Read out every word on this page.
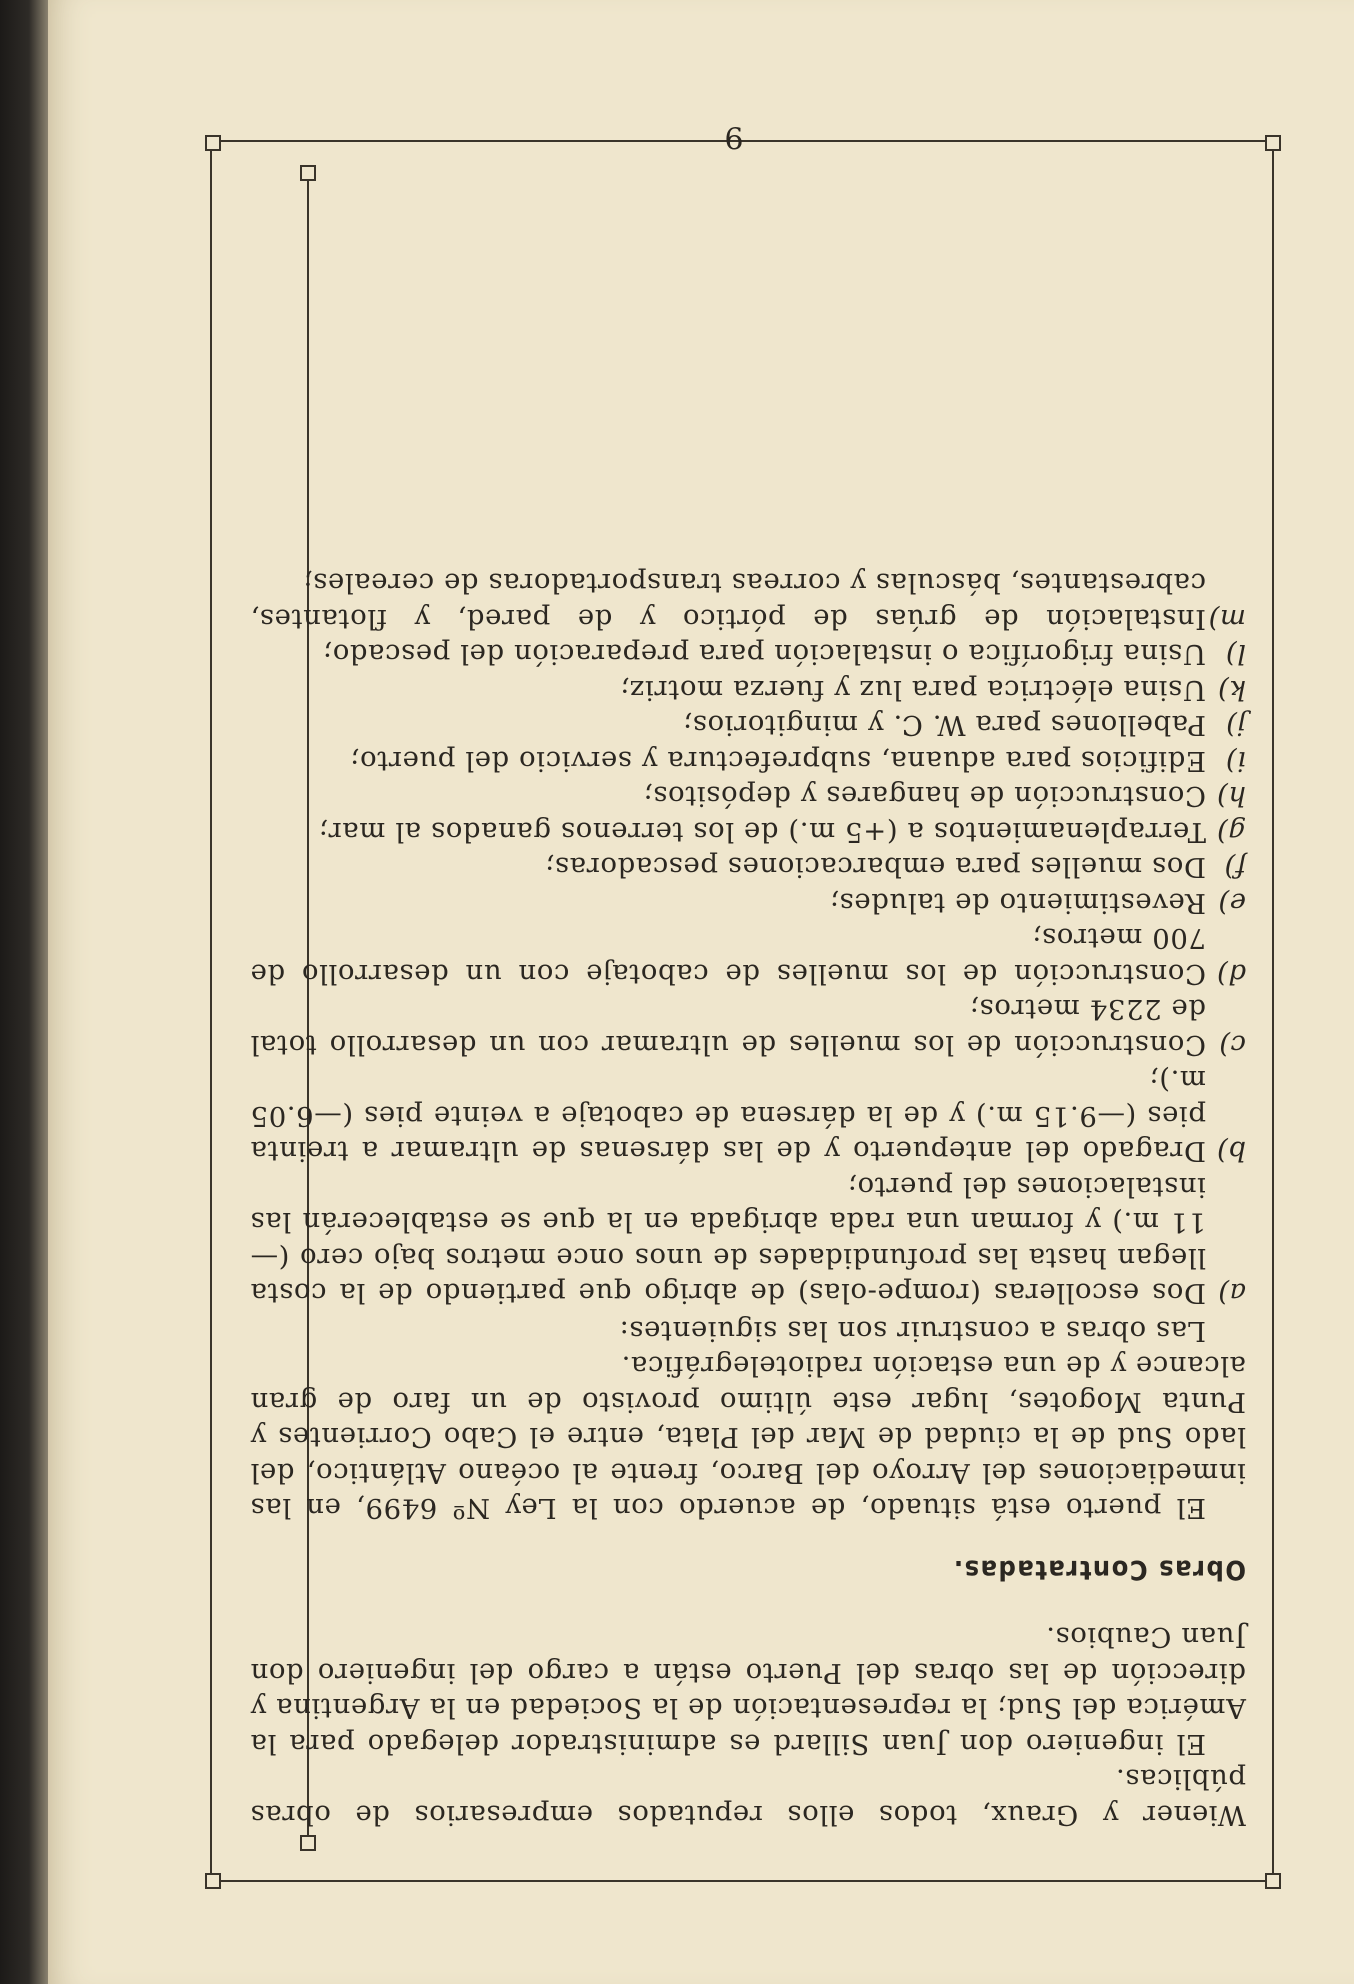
Wiener y Graux, todos ellos reputados empresarios de obras públicas.

El ingeniero don Juan Sillard es administrador delegado para la América del Sud; la representación de la Sociedad en la Argentina y dirección de las obras del Puerto están a cargo del ingeniero don Juan Caubios.

Obras Contratadas.

El puerto está situado, de acuerdo con la Ley Nº 6499, en las inmediaciones del Arroyo del Barco, frente al océano Atlántico, del lado Sud de la ciudad de Mar del Plata, entre el Cabo Corrientes y Punta Mogotes, lugar este último provisto de un faro de gran alcance y de una estación radiotelegráfica.

Las obras a construir son las siguientes:

a)Dos escolleras (rompe-olas) de abrigo que partiendo de la costa llegan hasta las profundidades de unos once metros bajo cero (—11 m.) y forman una rada abrigada en la que se establecerán las instalaciones del puerto;

b)Dragado del antepuerto y de las dársenas de ultramar a treinta pies (—9.15 m.) y de la dársena de cabotaje a veinte pies (—6.05 m.);

c)Construcción de los muelles de ultramar con un desarrollo total de 2234 metros;

d)Construcción de los muelles de cabotaje con un desarrollo de 700 metros;

e)Revestimiento de taludes;

f)Dos muelles para embarcaciones pescadoras;

g)Terraplenamientos a (+5 m.) de los terrenos ganados al mar;

h)Construcción de hangares y depósitos;

i)Edificios para aduana, subprefectura y servicio del puerto;

j)Pabellones para W. C. y mingitorios;

k)Usina eléctrica para luz y fuerza motriz;

l)Usina frigorífica o instalación para preparación del pescado;

m)Instalación de grúas de pórtico y de pared, y flotantes, cabrestantes, básculas y correas transportadoras de cereales;

9
